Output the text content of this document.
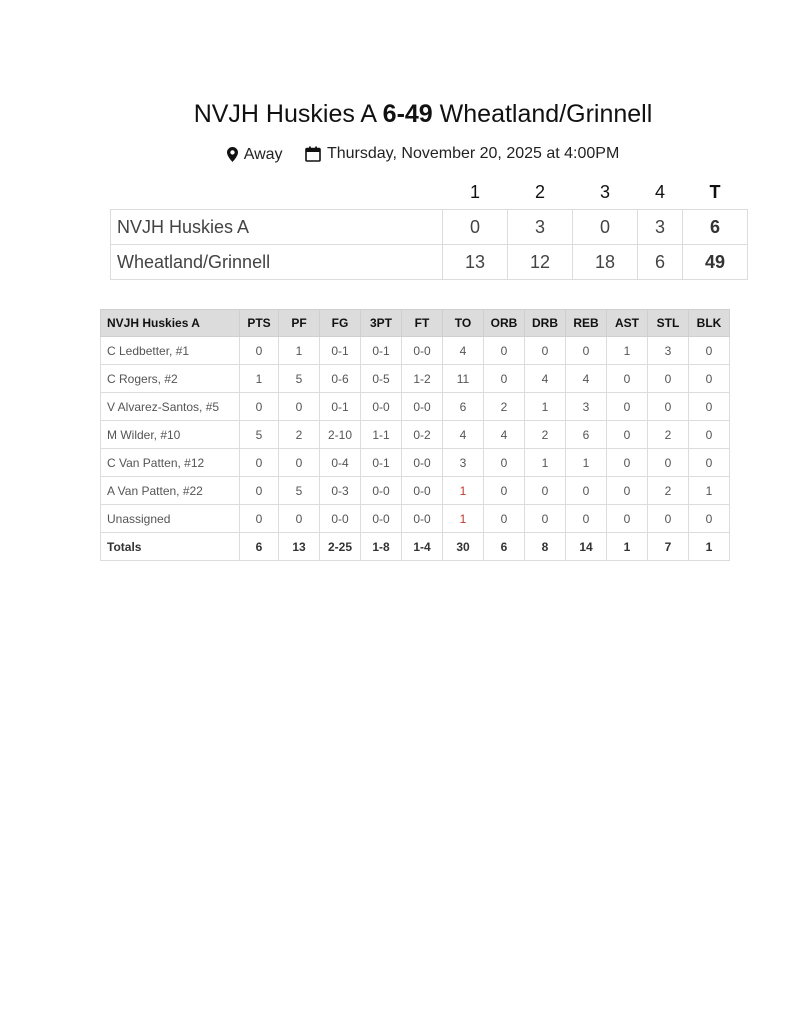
NVJH Huskies A 6-49 Wheatland/Grinnell
Away
	Thursday, November 20, 2025 at 4:00PM
	1	2	3	4	T
NVJH Huskies A	0	3	0	3	6
Wheatland/Grinnell	13	12	18	6	49
NVJH Huskies A	PTS	PF	FG	3PT	FT	TO	ORB	DRB	REB	AST	STL	BLK
C Ledbetter, #1	0	1	0-1	0-1	0-0	4	0	0	0	1	3	0
C Rogers, #2	1	5	0-6	0-5	1-2	11	0	4	4	0	0	0
V Alvarez-Santos, #5	0	0	0-1	0-0	0-0	6	2	1	3	0	0	0
M Wilder, #10	5	2	2-10	1-1	0-2	4	4	2	6	0	2	0
C Van Patten, #12	0	0	0-4	0-1	0-0	3	0	1	1	0	0	0
A Van Patten, #22	0	5	0-3	0-0	0-0	1	0	0	0	0	2	1
Unassigned	0	0	0-0	0-0	0-0	1	0	0	0	0	0	0
Totals	6	13	2-25	1-8	1-4	30	6	8	14	1	7	1
